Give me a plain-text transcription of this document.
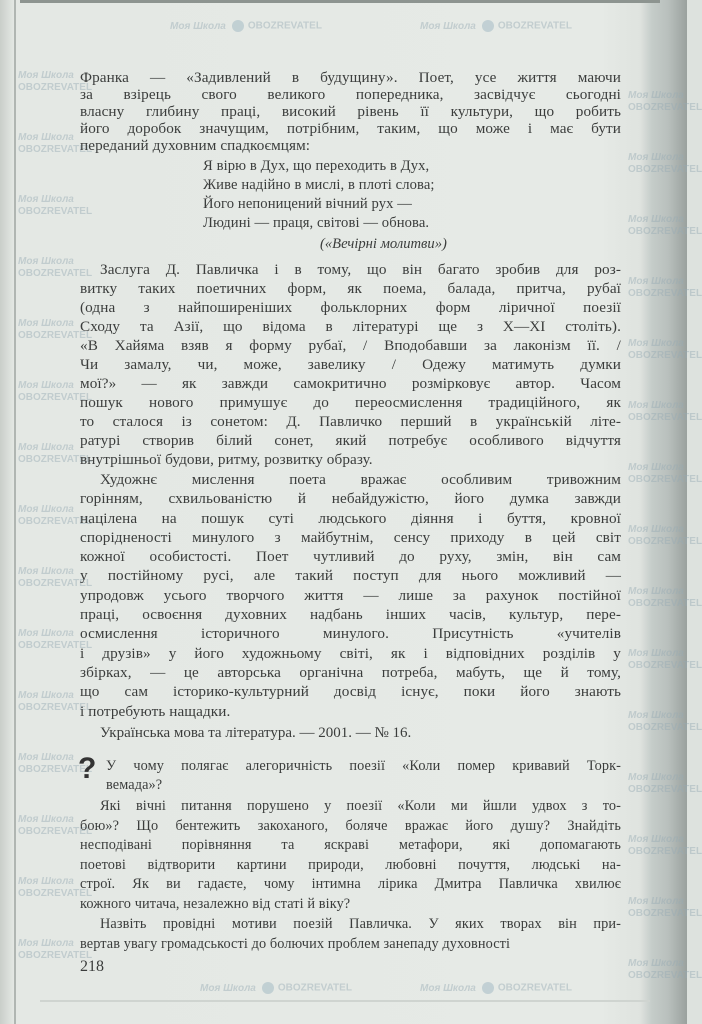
Моя Школа OBOZREVATEL	Моя Школа OBOZREVATEL
Моя Школа OBOZREVATEL	Моя Школа OBOZREVATEL
Моя Школа
OBOZREVATEL
Моя Школа
OBOZREVATEL
Моя Школа
OBOZREVATEL
Моя Школа
OBOZREVATEL
Моя Школа
OBOZREVATEL
Моя Школа
OBOZREVATEL
Моя Школа
OBOZREVATEL
Моя Школа
OBOZREVATEL
Моя Школа
OBOZREVATEL
Моя Школа
OBOZREVATEL
Моя Школа
OBOZREVATEL
Моя Школа
OBOZREVATEL
Моя Школа
OBOZREVATEL
Моя Школа
OBOZREVATEL
Моя Школа
OBOZREVATEL
Моя Школа
OBOZREVATEL
Моя Школа
OBOZREVATEL
Моя Школа
OBOZREVATEL
Моя Школа
OBOZREVATEL
Моя Школа
OBOZREVATEL
Моя Школа
OBOZREVATEL
Моя Школа
OBOZREVATEL
Моя Школа
OBOZREVATEL
Моя Школа
OBOZREVATEL
Моя Школа
OBOZREVATEL
Моя Школа
OBOZREVATEL
Моя Школа
OBOZREVATEL
Моя Школа
OBOZREVATEL
Моя Школа
OBOZREVATEL
Моя Школа
OBOZREVATEL
Франка — «Задивлений в будущину». Поет, усе життя маючи
за взірець свого великого попередника, засвідчує сьогодні
власну глибину праці, високий рівень її культури, що робить
його доробок значущим, потрібним, таким, що може і має бути
переданий духовним спадкоємцям:
Я вірю в Дух, що переходить в Дух,
Живе надійно в мислі, в плоті слова;
Його непоницений вічний рух —
Людині — праця, світові — обнова.
(«Вечірні молитви»)
Заслуга Д. Павличка і в тому, що він багато зробив для роз-
витку таких поетичних форм, як поема, балада, притча, рубаї
(одна з найпоширеніших фольклорних форм ліричної поезії
Сходу та Азії, що відома в літературі ще з X—XI століть).
«В Хайяма взяв я форму рубаї, / Вподобавши за лаконізм її. /
Чи замалу, чи, може, завелику / Одежу матимуть думки
мої?» — як завжди самокритично розмірковує автор. Часом
пошук нового примушує до переосмислення традиційного, як
то сталося із сонетом: Д. Павличко перший в українській літе-
ратурі створив білий сонет, який потребує особливого відчуття
внутрішньої будови, ритму, розвитку образу.
Художнє мислення поета вражає особливим тривожним
горінням, схвильованістю й небайдужістю, його думка завжди
націлена на пошук суті людського діяння і буття, кровної
спорідненості минулого з майбутнім, сенсу приходу в цей світ
кожної особистості. Поет чутливий до руху, змін, він сам
у постійному русі, але такий поступ для нього можливий —
упродовж усього творчого життя — лише за рахунок постійної
праці, освоєння духовних надбань інших часів, культур, пере-
осмислення історичного минулого. Присутність «учителів
і друзів» у його художньому світі, як і відповідних розділів у
збірках, — це авторська органічна потреба, мабуть, ще й тому,
що сам історико-культурний досвід існує, поки його знають
і потребують нащадки.
Українська мова та література. — 2001. — № 16.
? У чому полягає алегоричність поезії «Коли помер кривавий Торк-
вемада»?
Які вічні питання порушено у поезії «Коли ми йшли удвох з то-
бою»? Що бентежить закоханого, боляче вражає його душу? Знайдіть
несподівані порівняння та яскраві метафори, які допомагають
поетові відтворити картини природи, любовні почуття, людські на-
строї. Як ви гадаєте, чому інтимна лірика Дмитра Павличка хвилює
кожного читача, незалежно від статі й віку?
Назвіть провідні мотиви поезій Павличка. У яких творах він при-
вертав увагу громадськості до болючих проблем занепаду духовності
218
